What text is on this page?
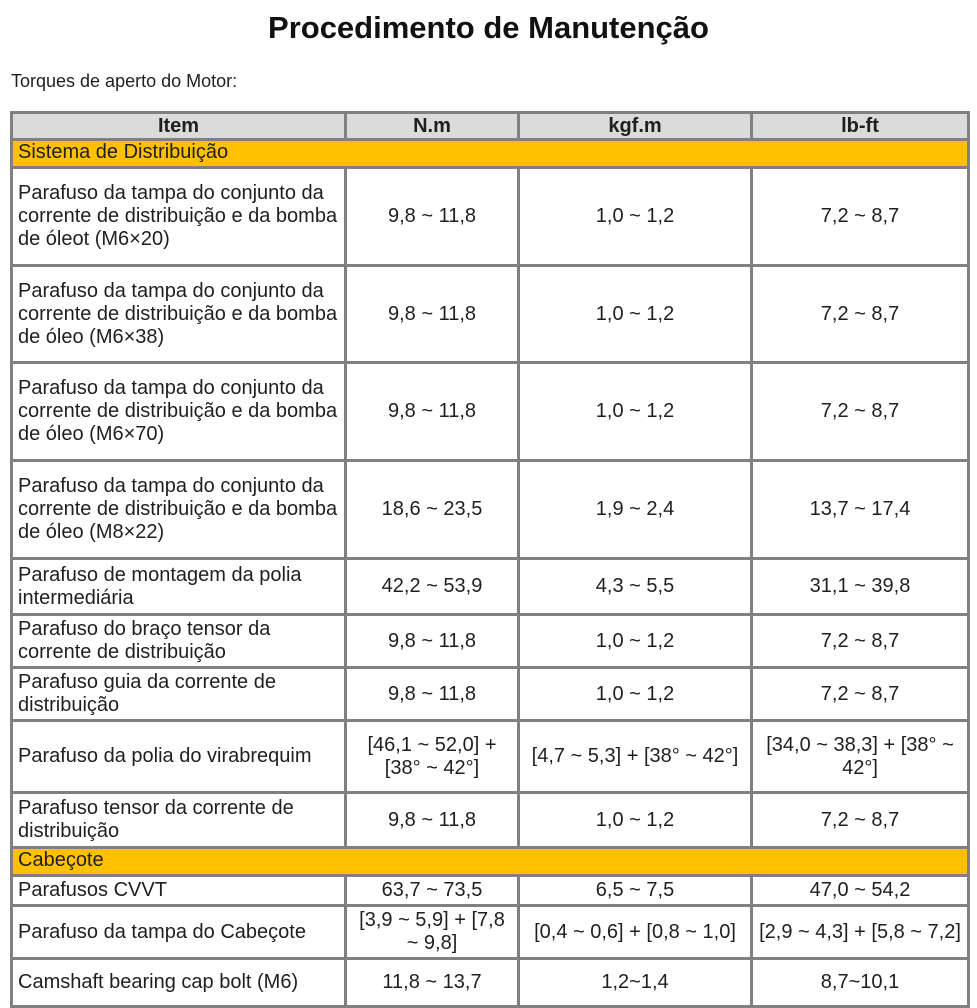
Procedimento de Manutenção

Torques de aperto do Motor:

Item	N.m	kgf.m	lb-ft
Sistema de Distribuição			
Parafuso da tampa do conjunto da corrente de distribuição e da bomba de óleot (M6×20)	9,8 ~ 11,8	1,0 ~ 1,2	7,2 ~ 8,7
Parafuso da tampa do conjunto da corrente de distribuição e da bomba de óleo (M6×38)	9,8 ~ 11,8	1,0 ~ 1,2	7,2 ~ 8,7
Parafuso da tampa do conjunto da corrente de distribuição e da bomba de óleo (M6×70)	9,8 ~ 11,8	1,0 ~ 1,2	7,2 ~ 8,7
Parafuso da tampa do conjunto da corrente de distribuição e da bomba de óleo (M8×22)	18,6 ~ 23,5	1,9 ~ 2,4	13,7 ~ 17,4
Parafuso de montagem da polia intermediária	42,2 ~ 53,9	4,3 ~ 5,5	31,1 ~ 39,8
Parafuso do braço tensor da corrente de distribuição	9,8 ~ 11,8	1,0 ~ 1,2	7,2 ~ 8,7
Parafuso guia da corrente de distribuição	9,8 ~ 11,8	1,0 ~ 1,2	7,2 ~ 8,7
Parafuso da polia do virabrequim	[46,1 ~ 52,0] + [38° ~ 42°]	[4,7 ~ 5,3] + [38° ~ 42°]	[34,0 ~ 38,3] + [38° ~ 42°]
Parafuso tensor da corrente de distribuição	9,8 ~ 11,8	1,0 ~ 1,2	7,2 ~ 8,7
Cabeçote			
Parafusos CVVT	63,7 ~ 73,5	6,5 ~ 7,5	47,0 ~ 54,2
Parafuso da tampa do Cabeçote	[3,9 ~ 5,9] + [7,8 ~ 9,8]	[0,4 ~ 0,6] + [0,8 ~ 1,0]	[2,9 ~ 4,3] + [5,8 ~ 7,2]
Camshaft bearing cap bolt (M6)	11,8 ~ 13,7	1,2~1,4	8,7~10,1
